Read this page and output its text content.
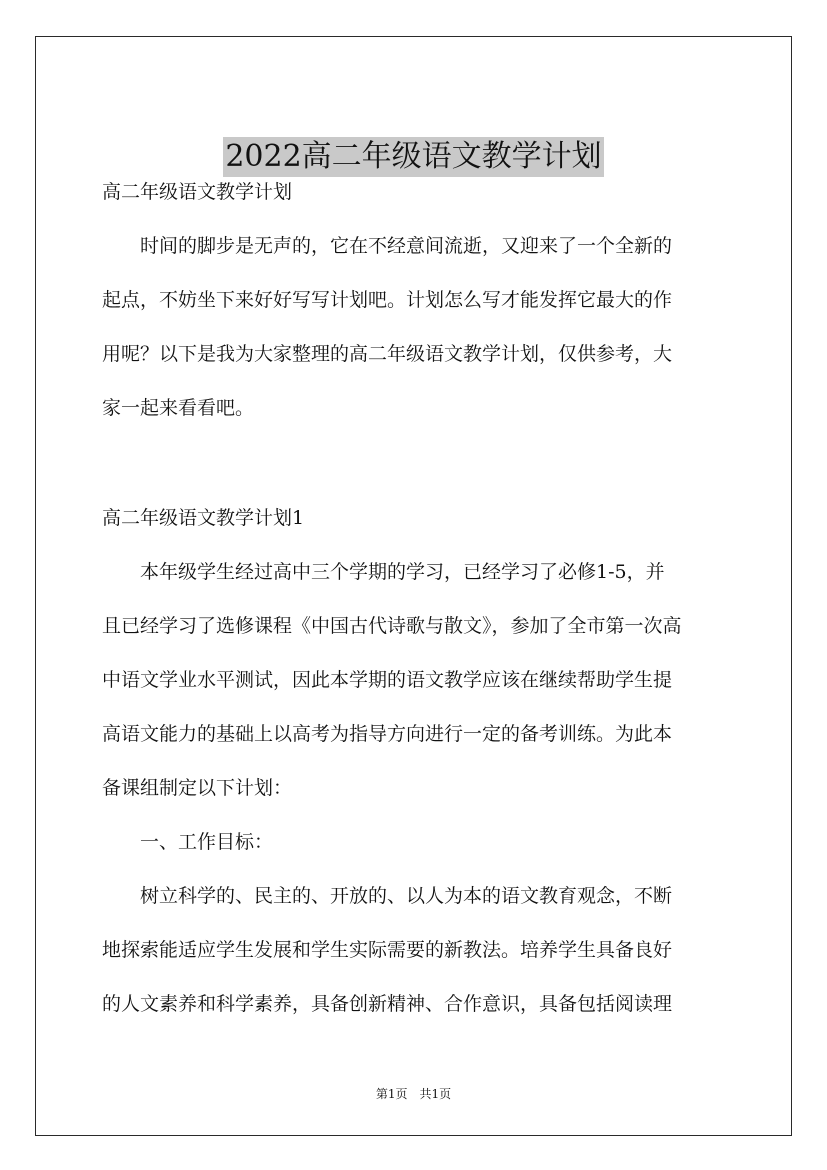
2022高二年级语文教学计划
高二年级语文教学计划
　　时间的脚步是无声的，它在不经意间流逝，又迎来了一个全新的
起点，不妨坐下来好好写写计划吧。计划怎么写才能发挥它最大的作
用呢？以下是我为大家整理的高二年级语文教学计划，仅供参考，大
家一起来看看吧。
高二年级语文教学计划1
　　本年级学生经过高中三个学期的学习，已经学习了必修1-5，并
且已经学习了选修课程《中国古代诗歌与散文》，参加了全市第一次高
中语文学业水平测试，因此本学期的语文教学应该在继续帮助学生提
高语文能力的基础上以高考为指导方向进行一定的备考训练。为此本
备课组制定以下计划：
　　一、工作目标：
　　树立科学的、民主的、开放的、以人为本的语文教育观念，不断
地探索能适应学生发展和学生实际需要的新教法。培养学生具备良好
的人文素养和科学素养，具备创新精神、合作意识，具备包括阅读理
第1页　共1页
